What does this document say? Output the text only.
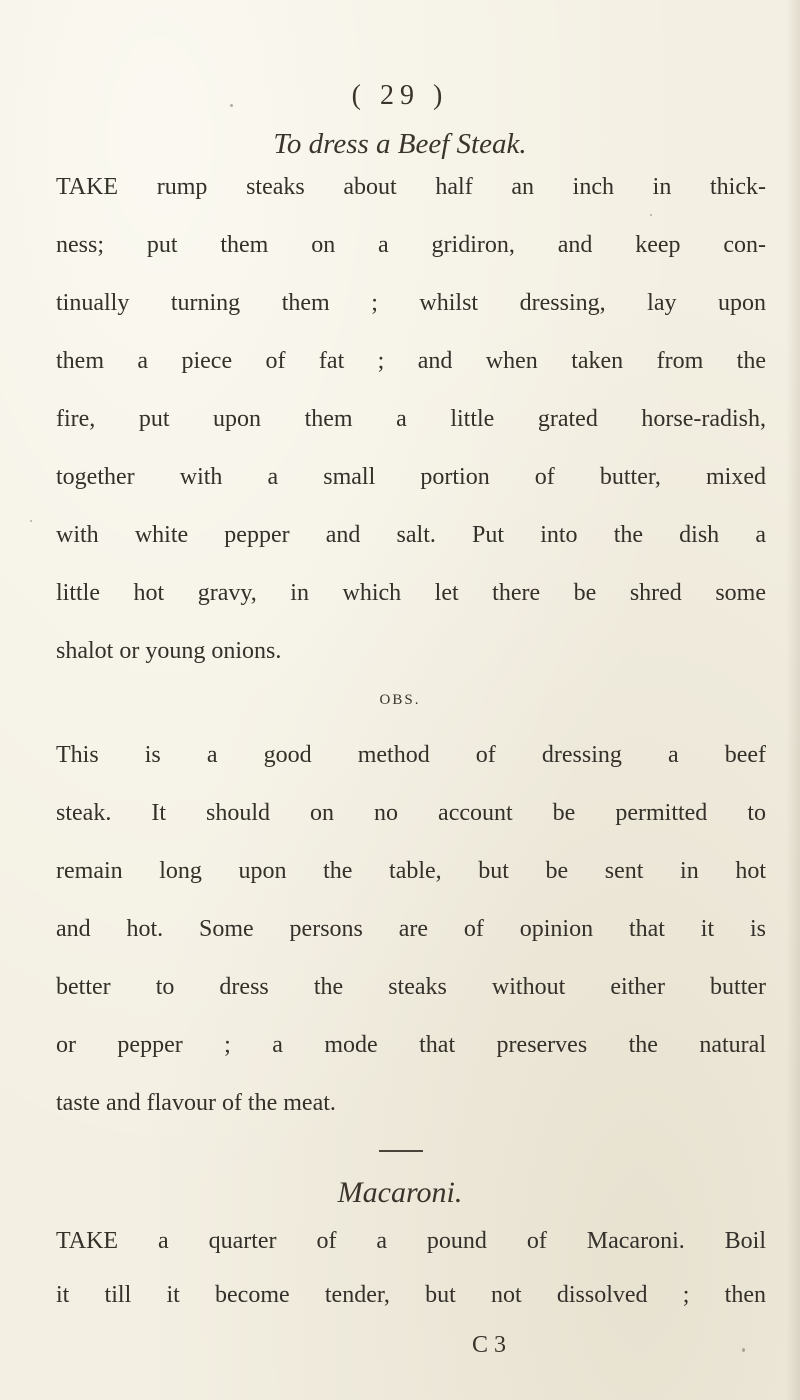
( 29 )
To dress a Beef Steak.
TAKE rump steaks about half an inch in thick-
ness; put them on a gridiron, and keep con-
tinually turning them ; whilst dressing, lay upon
them a piece of fat ; and when taken from the
fire, put upon them a little grated horse-radish,
together with a small portion of butter, mixed
with white pepper and salt. Put into the dish a
little hot gravy, in which let there be shred some
shalot or young onions.
OBS.
This is a good method of dressing a beef
steak. It should on no account be permitted to
remain long upon the table, but be sent in hot
and hot. Some persons are of opinion that it is
better to dress the steaks without either butter
or pepper ; a mode that preserves the natural
taste and flavour of the meat.
Macaroni.
TAKE a quarter of a pound of Macaroni. Boil
it till it become tender, but not dissolved ; then
C 3
